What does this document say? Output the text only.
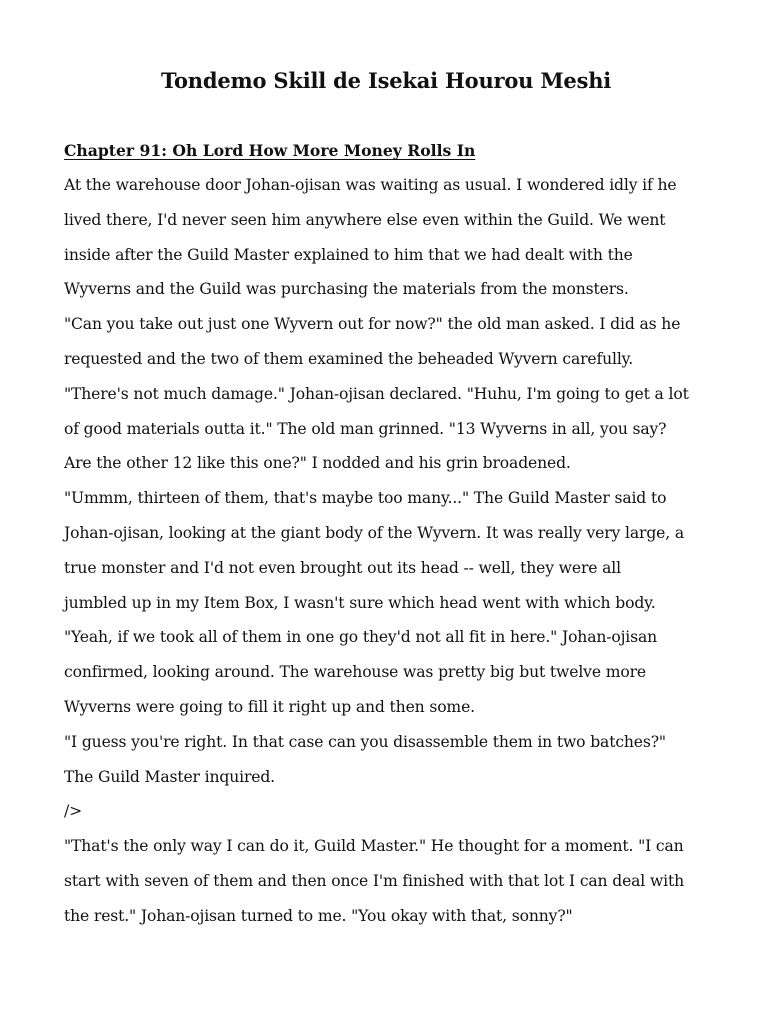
Tondemo Skill de Isekai Hourou Meshi
Chapter 91: Oh Lord How More Money Rolls In
At the warehouse door Johan-ojisan was waiting as usual. I wondered idly if he
lived there, I'd never seen him anywhere else even within the Guild. We went
inside after the Guild Master explained to him that we had dealt with the
Wyverns and the Guild was purchasing the materials from the monsters.
"Can you take out just one Wyvern out for now?" the old man asked. I did as he
requested and the two of them examined the beheaded Wyvern carefully.
"There's not much damage." Johan-ojisan declared. "Huhu, I'm going to get a lot
of good materials outta it." The old man grinned. "13 Wyverns in all, you say?
Are the other 12 like this one?" I nodded and his grin broadened.
"Ummm, thirteen of them, that's maybe too many..." The Guild Master said to
Johan-ojisan, looking at the giant body of the Wyvern. It was really very large, a
true monster and I'd not even brought out its head -- well, they were all
jumbled up in my Item Box, I wasn't sure which head went with which body.
"Yeah, if we took all of them in one go they'd not all fit in here." Johan-ojisan
confirmed, looking around. The warehouse was pretty big but twelve more
Wyverns were going to fill it right up and then some.
"I guess you're right. In that case can you disassemble them in two batches?"
The Guild Master inquired.
/>
"That's the only way I can do it, Guild Master." He thought for a moment. "I can
start with seven of them and then once I'm finished with that lot I can deal with
the rest." Johan-ojisan turned to me. "You okay with that, sonny?"
